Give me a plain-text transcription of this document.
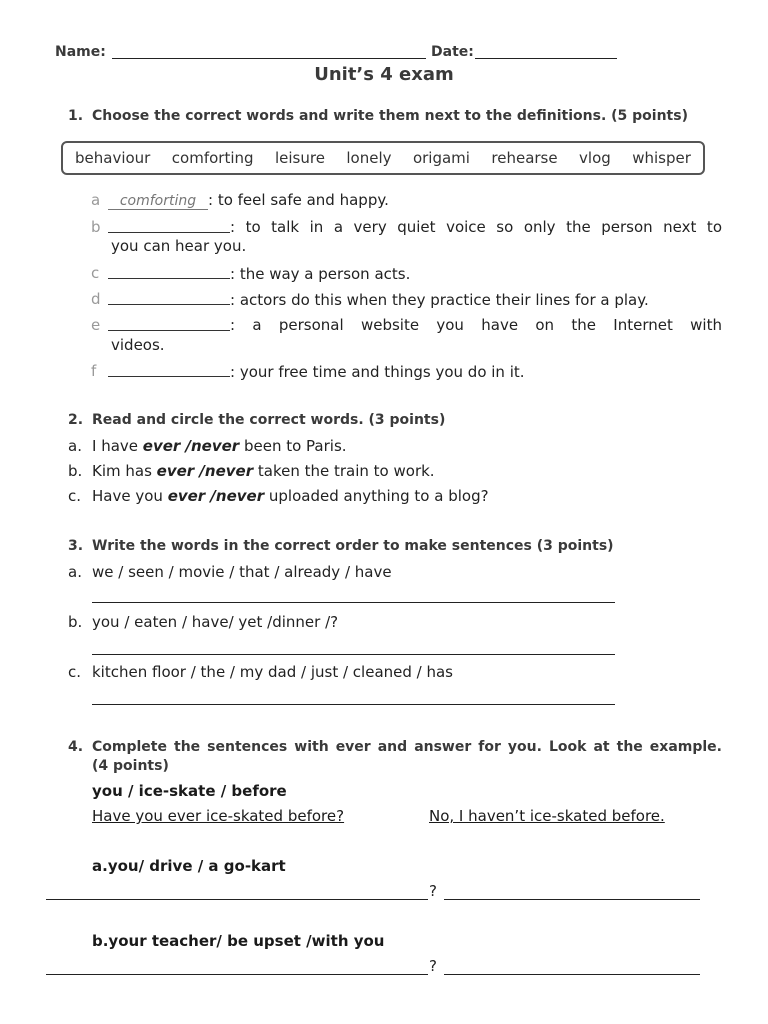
Name:	Date:
Unit’s 4 exam
1. Choose the correct words and write them next to the definitions. (5 points)
behaviour comforting leisure lonely origami rehearse vlog whisper
a	comforting : to feel safe and happy.
b	: to talk in a very quiet voice so only the person next to
you can hear you.
c	: the way a person acts.
d	: actors do this when they practice their lines for a play.
e	: a personal website you have on the Internet with
videos.
f	: your free time and things you do in it.
2. Read and circle the correct words. (3 points)
a. I have ever /never been to Paris.
b. Kim has ever /never taken the train to work.
c. Have you ever /never uploaded anything to a blog?
3. Write the words in the correct order to make sentences (3 points)
a. we / seen / movie / that / already / have
b. you / eaten / have/ yet /dinner /?
c. kitchen floor / the / my dad / just / cleaned / has
4. Complete the sentences with ever and answer for you. Look at the example.
(4 points)
you / ice-skate / before
Have you ever ice-skated before?	No, I haven’t ice-skated before.
a.you/ drive / a go-kart
?
b.your teacher/ be upset /with you
?
